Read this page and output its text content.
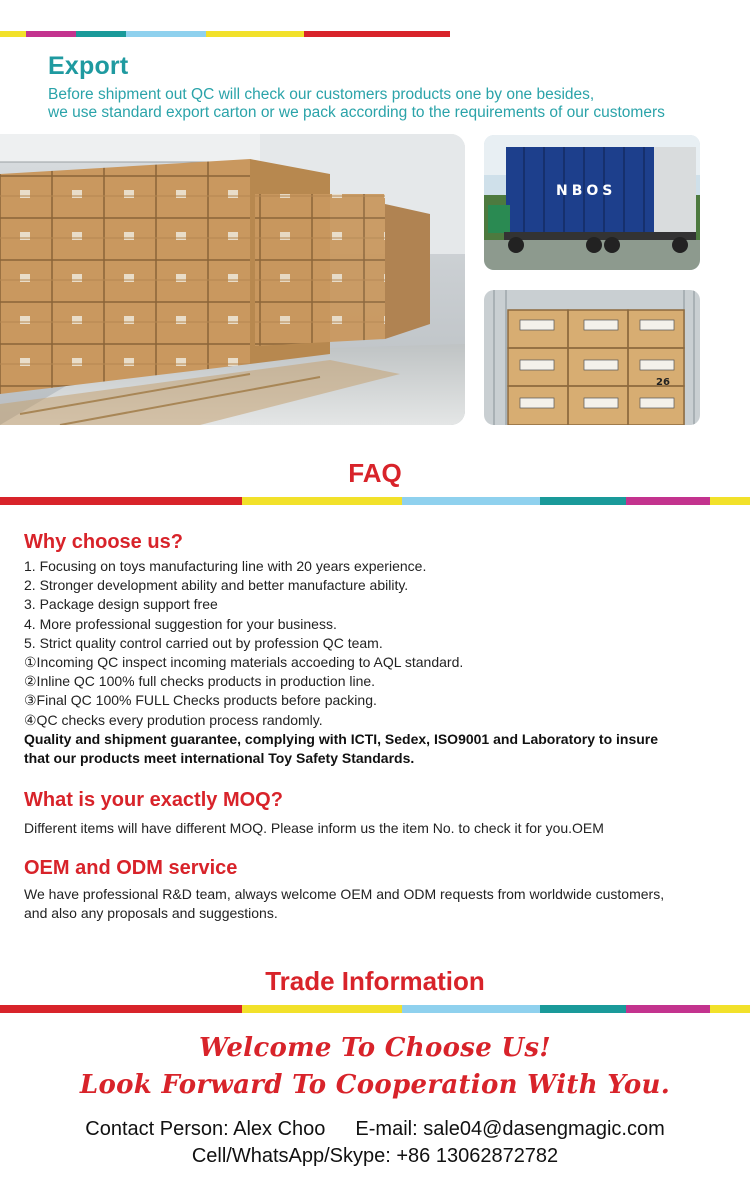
Export
Before shipment out QC will check our customers products one by one besides,
we use standard export carton or we pack according to the requirements of our customers
NBOS
26
FAQ
Why choose us?
1. Focusing on toys manufacturing line with 20 years experience.
2. Stronger development ability and better manufacture ability.
3. Package design support free
4. More professional suggestion for your business.
5. Strict quality control carried out by profession QC team.
①Incoming QC inspect incoming materials accoeding to AQL standard.
②Inline QC 100% full checks products in production line.
③Final QC 100% FULL Checks products before packing.
④QC checks every prodution process randomly.
Quality and shipment guarantee, complying with ICTI, Sedex, ISO9001 and Laboratory to insure
that our products meet international Toy Safety Standards.
What is your exactly MOQ?
Different items will have different MOQ. Please inform us the item No. to check it for you.OEM
OEM and ODM service
We have professional R&D team, always welcome OEM and ODM requests from worldwide customers,
and also any proposals and suggestions.
Trade Information
Welcome To Choose Us!
Look Forward To Cooperation With You.
Contact Person: Alex Choo E-mail: sale04@dasengmagic.com
Cell/WhatsApp/Skype: +86 13062872782
